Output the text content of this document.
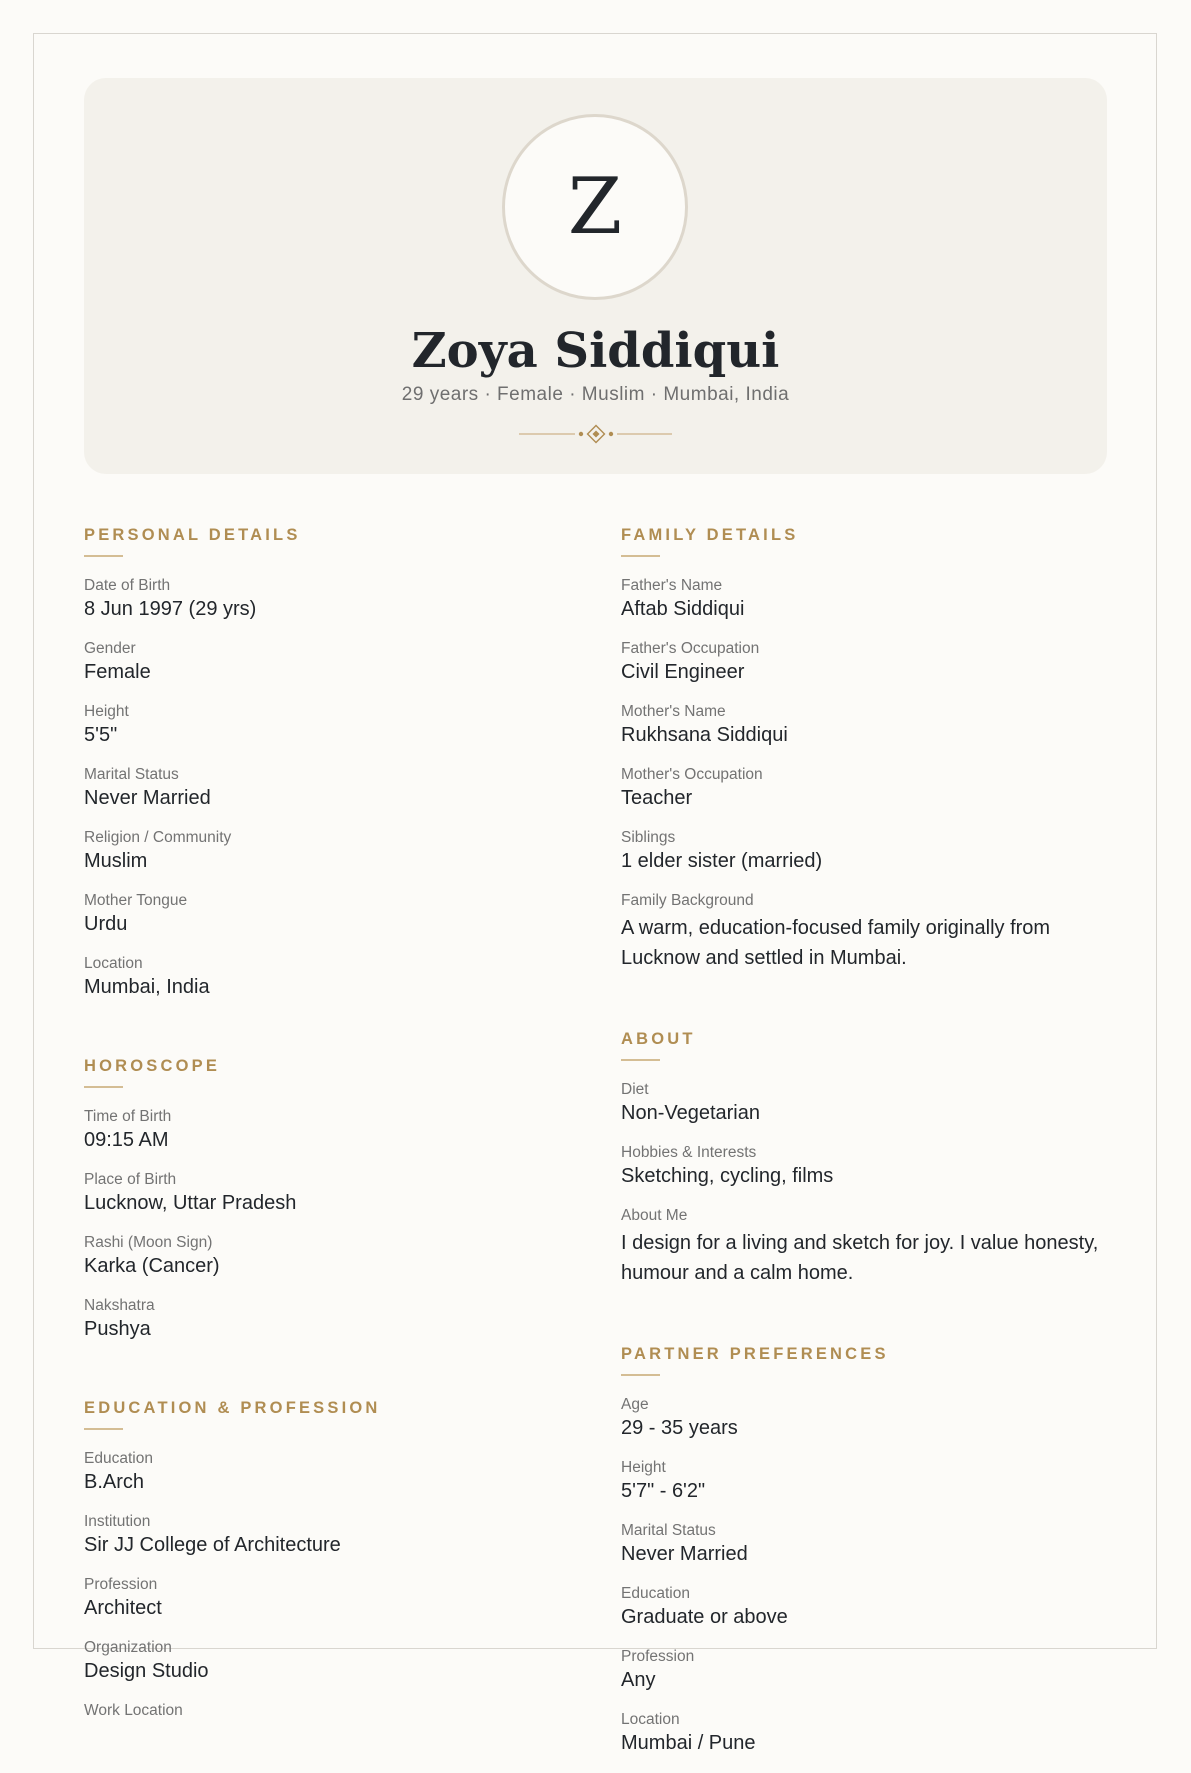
Z
Zoya Siddiqui
29 years · Female · Muslim · Mumbai, India
PERSONAL DETAILS
Date of Birth
8 Jun 1997 (29 yrs)
Gender
Female
Height
5'5"
Marital Status
Never Married
Religion / Community
Muslim
Mother Tongue
Urdu
Location
Mumbai, India
HOROSCOPE
Time of Birth
09:15 AM
Place of Birth
Lucknow, Uttar Pradesh
Rashi (Moon Sign)
Karka (Cancer)
Nakshatra
Pushya
EDUCATION & PROFESSION
Education
B.Arch
Institution
Sir JJ College of Architecture
Profession
Architect
Organization
Design Studio
Work Location
FAMILY DETAILS
Father's Name
Aftab Siddiqui
Father's Occupation
Civil Engineer
Mother's Name
Rukhsana Siddiqui
Mother's Occupation
Teacher
Siblings
1 elder sister (married)
Family Background
A warm, education-focused family originally from Lucknow and settled in Mumbai.
ABOUT
Diet
Non-Vegetarian
Hobbies & Interests
Sketching, cycling, films
About Me
I design for a living and sketch for joy. I value honesty, humour and a calm home.
PARTNER PREFERENCES
Age
29 - 35 years
Height
5'7" - 6'2"
Marital Status
Never Married
Education
Graduate or above
Profession
Any
Location
Mumbai / Pune
